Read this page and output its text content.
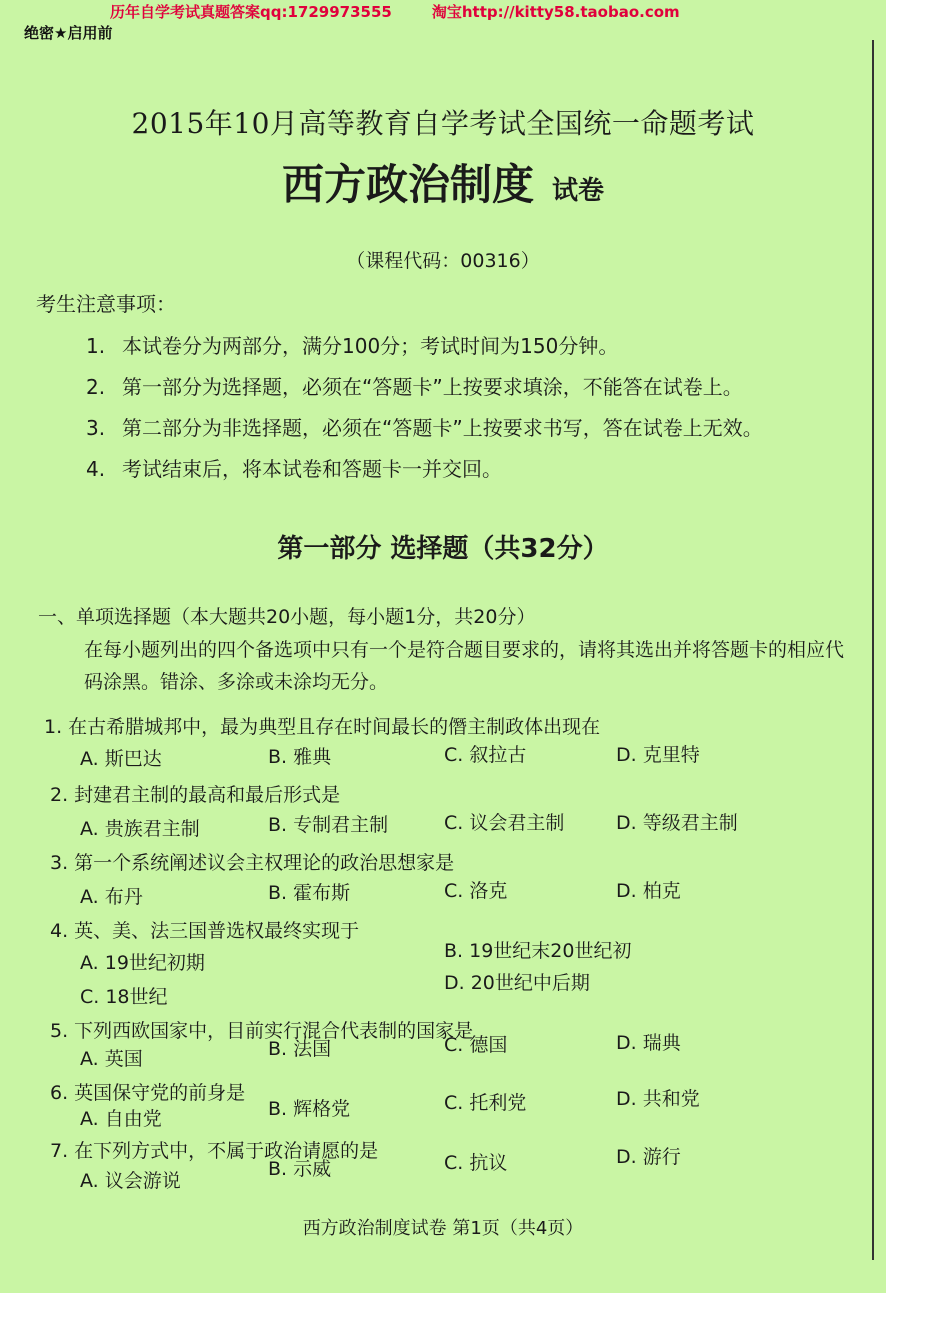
历年自学考试真题答案qq:1729973555	淘宝http://kitty58.taobao.com
绝密★启用前
2015年10月高等教育自学考试全国统一命题考试
西方政治制度 试卷
（课程代码：00316）
考生注意事项：
1. 本试卷分为两部分，满分100分；考试时间为150分钟。
2. 第一部分为选择题，必须在“答题卡”上按要求填涂，不能答在试卷上。
3. 第二部分为非选择题，必须在“答题卡”上按要求书写，答在试卷上无效。
4. 考试结束后，将本试卷和答题卡一并交回。
第一部分 选择题（共32分）
一、单项选择题（本大题共20小题，每小题1分，共20分）
在每小题列出的四个备选项中只有一个是符合题目要求的，请将其选出并将答题卡的相应代码涂黑。错涂、多涂或未涂均无分。
1. 在古希腊城邦中，最为典型且存在时间最长的僭主制政体出现在
A. 斯巴达	B. 雅典	C. 叙拉古	D. 克里特
2. 封建君主制的最高和最后形式是
A. 贵族君主制	B. 专制君主制	C. 议会君主制	D. 等级君主制
3. 第一个系统阐述议会主权理论的政治思想家是
A. 布丹	B. 霍布斯	C. 洛克	D. 柏克
4. 英、美、法三国普选权最终实现于
A. 19世纪初期
B. 19世纪末20世纪初
C. 18世纪
D. 20世纪中后期
5. 下列西欧国家中，目前实行混合代表制的国家是
A. 英国	B. 法国	C. 德国	D. 瑞典
6. 英国保守党的前身是
A. 自由党	B. 辉格党	C. 托利党	D. 共和党
7. 在下列方式中，不属于政治请愿的是
A. 议会游说
B. 示威	C. 抗议	D. 游行
西方政治制度试卷 第1页（共4页）
